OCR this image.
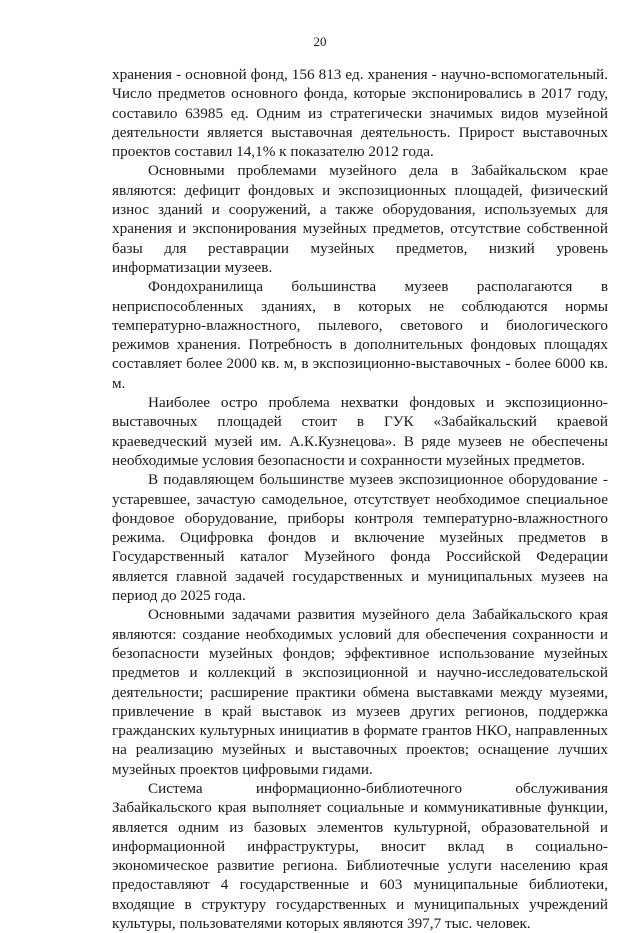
20

хранения - основной фонд, 156 813 ед. хранения - научно-вспомогательный. Число предметов основного фонда, которые экспонировались в 2017 году, составило 63985 ед. Одним из стратегически значимых видов музейной деятельности является выставочная деятельность. Прирост выставочных проектов составил 14,1% к показателю 2012 года.

Основными проблемами музейного дела в Забайкальском крае являются: дефицит фондовых и экспозиционных площадей, физический износ зданий и сооружений, а также оборудования, используемых для хранения и экспонирования музейных предметов, отсутствие собственной базы для реставрации музейных предметов, низкий уровень информатизации музеев.

Фондохранилища большинства музеев располагаются в неприспособленных зданиях, в которых не соблюдаются нормы температурно-влажностного, пылевого, светового и биологического режимов хранения. Потребность в дополнительных фондовых площадях составляет более 2000 кв. м, в экспозиционно-выставочных - более 6000 кв. м.

Наиболее остро проблема нехватки фондовых и экспозиционно-выставочных площадей стоит в ГУК «Забайкальский краевой краеведческий музей им. А.К.Кузнецова». В ряде музеев не обеспечены необходимые условия безопасности и сохранности музейных предметов.

В подавляющем большинстве музеев экспозиционное оборудование - устаревшее, зачастую самодельное, отсутствует необходимое специальное фондовое оборудование, приборы контроля температурно-влажностного режима. Оцифровка фондов и включение музейных предметов в Государственный каталог Музейного фонда Российской Федерации является главной задачей государственных и муниципальных музеев на период до 2025 года.

Основными задачами развития музейного дела Забайкальского края являются: создание необходимых условий для обеспечения сохранности и безопасности музейных фондов; эффективное использование музейных предметов и коллекций в экспозиционной и научно-исследовательской деятельности; расширение практики обмена выставками между музеями, привлечение в край выставок из музеев других регионов, поддержка гражданских культурных инициатив в формате грантов НКО, направленных на реализацию музейных и выставочных проектов; оснащение лучших музейных проектов цифровыми гидами.

Система информационно-библиотечного обслуживания Забайкальского края выполняет социальные и коммуникативные функции, является одним из базовых элементов культурной, образовательной и информационной инфраструктуры, вносит вклад в социально-экономическое развитие региона. Библиотечные услуги населению края предоставляют 4 государственные и 603 муниципальные библиотеки, входящие в структуру государственных и муниципальных учреждений культуры, пользователями которых являются 397,7 тыс. человек.
